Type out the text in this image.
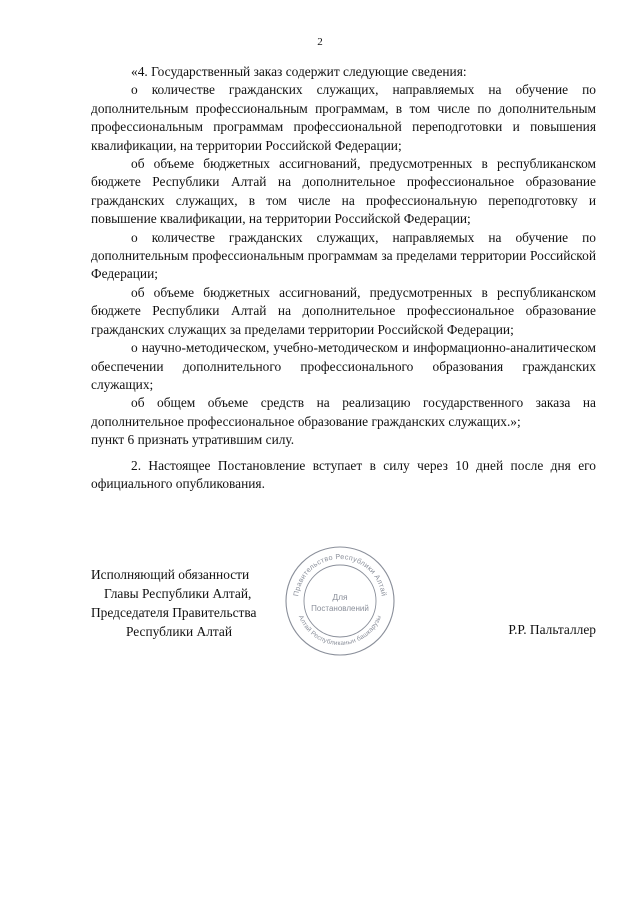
2

«4. Государственный заказ содержит следующие сведения:

о количестве гражданских служащих, направляемых на обучение по дополнительным профессиональным программам, в том числе по дополнительным профессиональным программам профессиональной переподготовки и повышения квалификации, на территории Российской Федерации;

об объеме бюджетных ассигнований, предусмотренных в республиканском бюджете Республики Алтай на дополнительное профессиональное образование гражданских служащих, в том числе на профессиональную переподготовку и повышение квалификации, на территории Российской Федерации;

о количестве гражданских служащих, направляемых на обучение по дополнительным профессиональным программам за пределами территории Российской Федерации;

об объеме бюджетных ассигнований, предусмотренных в республиканском бюджете Республики Алтай на дополнительное профессиональное образование гражданских служащих за пределами территории Российской Федерации;

о научно-методическом, учебно-методическом и информационно-аналитическом обеспечении дополнительного профессионального образования гражданских служащих;

об общем объеме средств на реализацию государственного заказа на дополнительное профессиональное образование гражданских служащих.»;

пункт 6 признать утратившим силу.

2. Настоящее Постановление вступает в силу через 10 дней после дня его официального опубликования.

Исполняющий обязанности
Главы Республики Алтай,
Председателя Правительства
Республики Алтай	Р.Р. Пальталлер
Правительство Республики Алтай
Алтай Республиканын башкарузы
Для
Постановлений
